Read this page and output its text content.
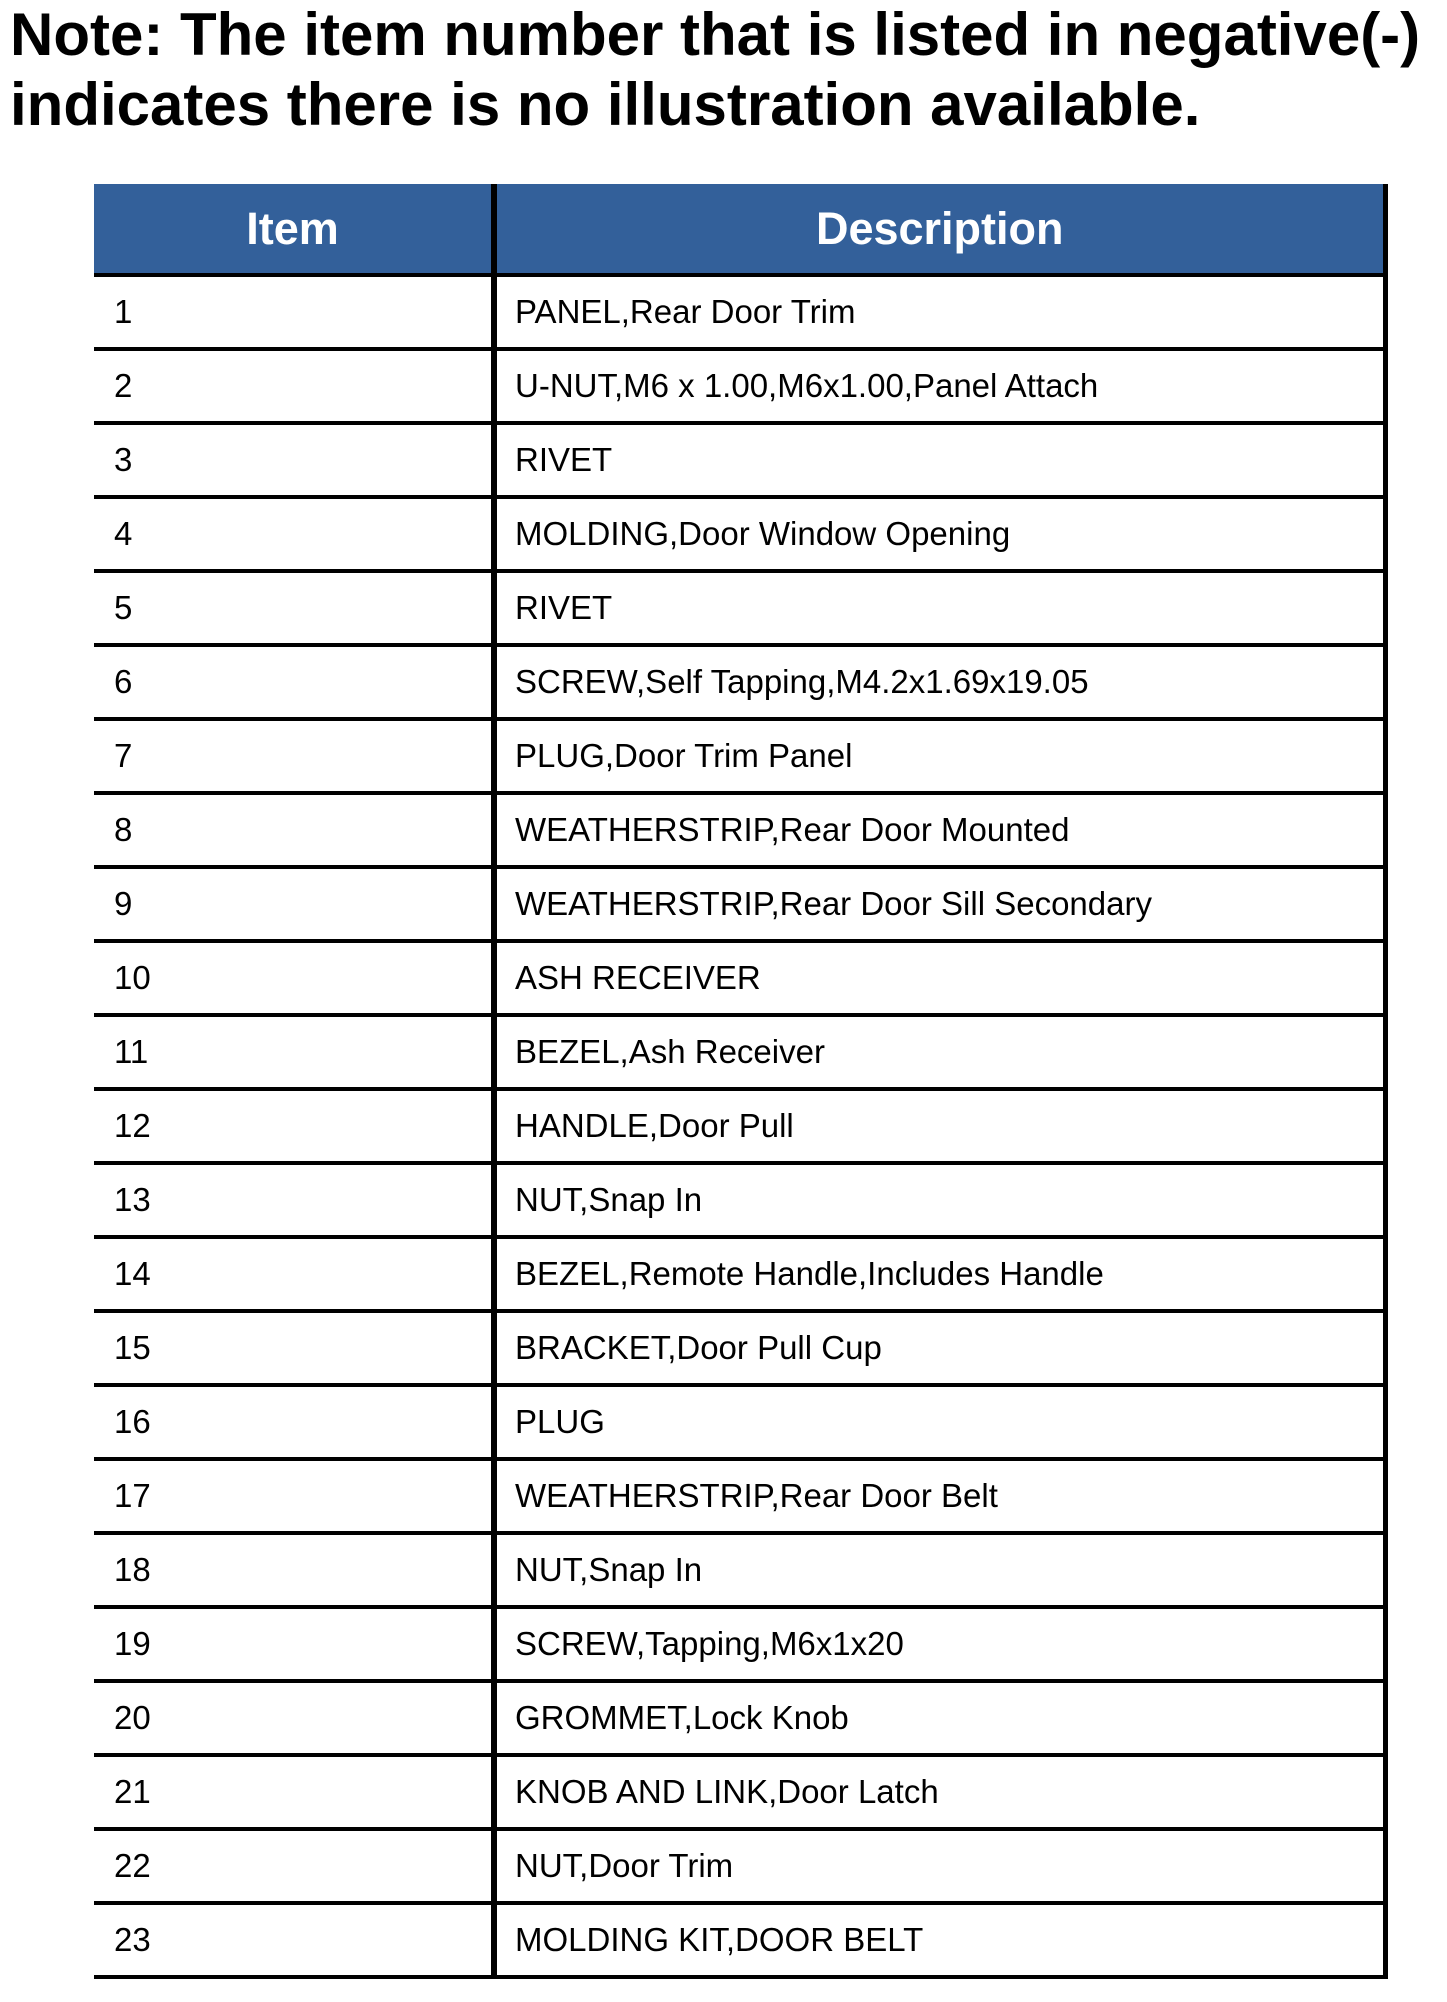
Note: The item number that is listed in negative(-)
indicates there is no illustration available.
Item	Description
1	PANEL,Rear Door Trim
2	U-NUT,M6 x 1.00,M6x1.00,Panel Attach
3	RIVET
4	MOLDING,Door Window Opening
5	RIVET
6	SCREW,Self Tapping,M4.2x1.69x19.05
7	PLUG,Door Trim Panel
8	WEATHERSTRIP,Rear Door Mounted
9	WEATHERSTRIP,Rear Door Sill Secondary
10	ASH RECEIVER
11	BEZEL,Ash Receiver
12	HANDLE,Door Pull
13	NUT,Snap In
14	BEZEL,Remote Handle,Includes Handle
15	BRACKET,Door Pull Cup
16	PLUG
17	WEATHERSTRIP,Rear Door Belt
18	NUT,Snap In
19	SCREW,Tapping,M6x1x20
20	GROMMET,Lock Knob
21	KNOB AND LINK,Door Latch
22	NUT,Door Trim
23	MOLDING KIT,DOOR BELT
